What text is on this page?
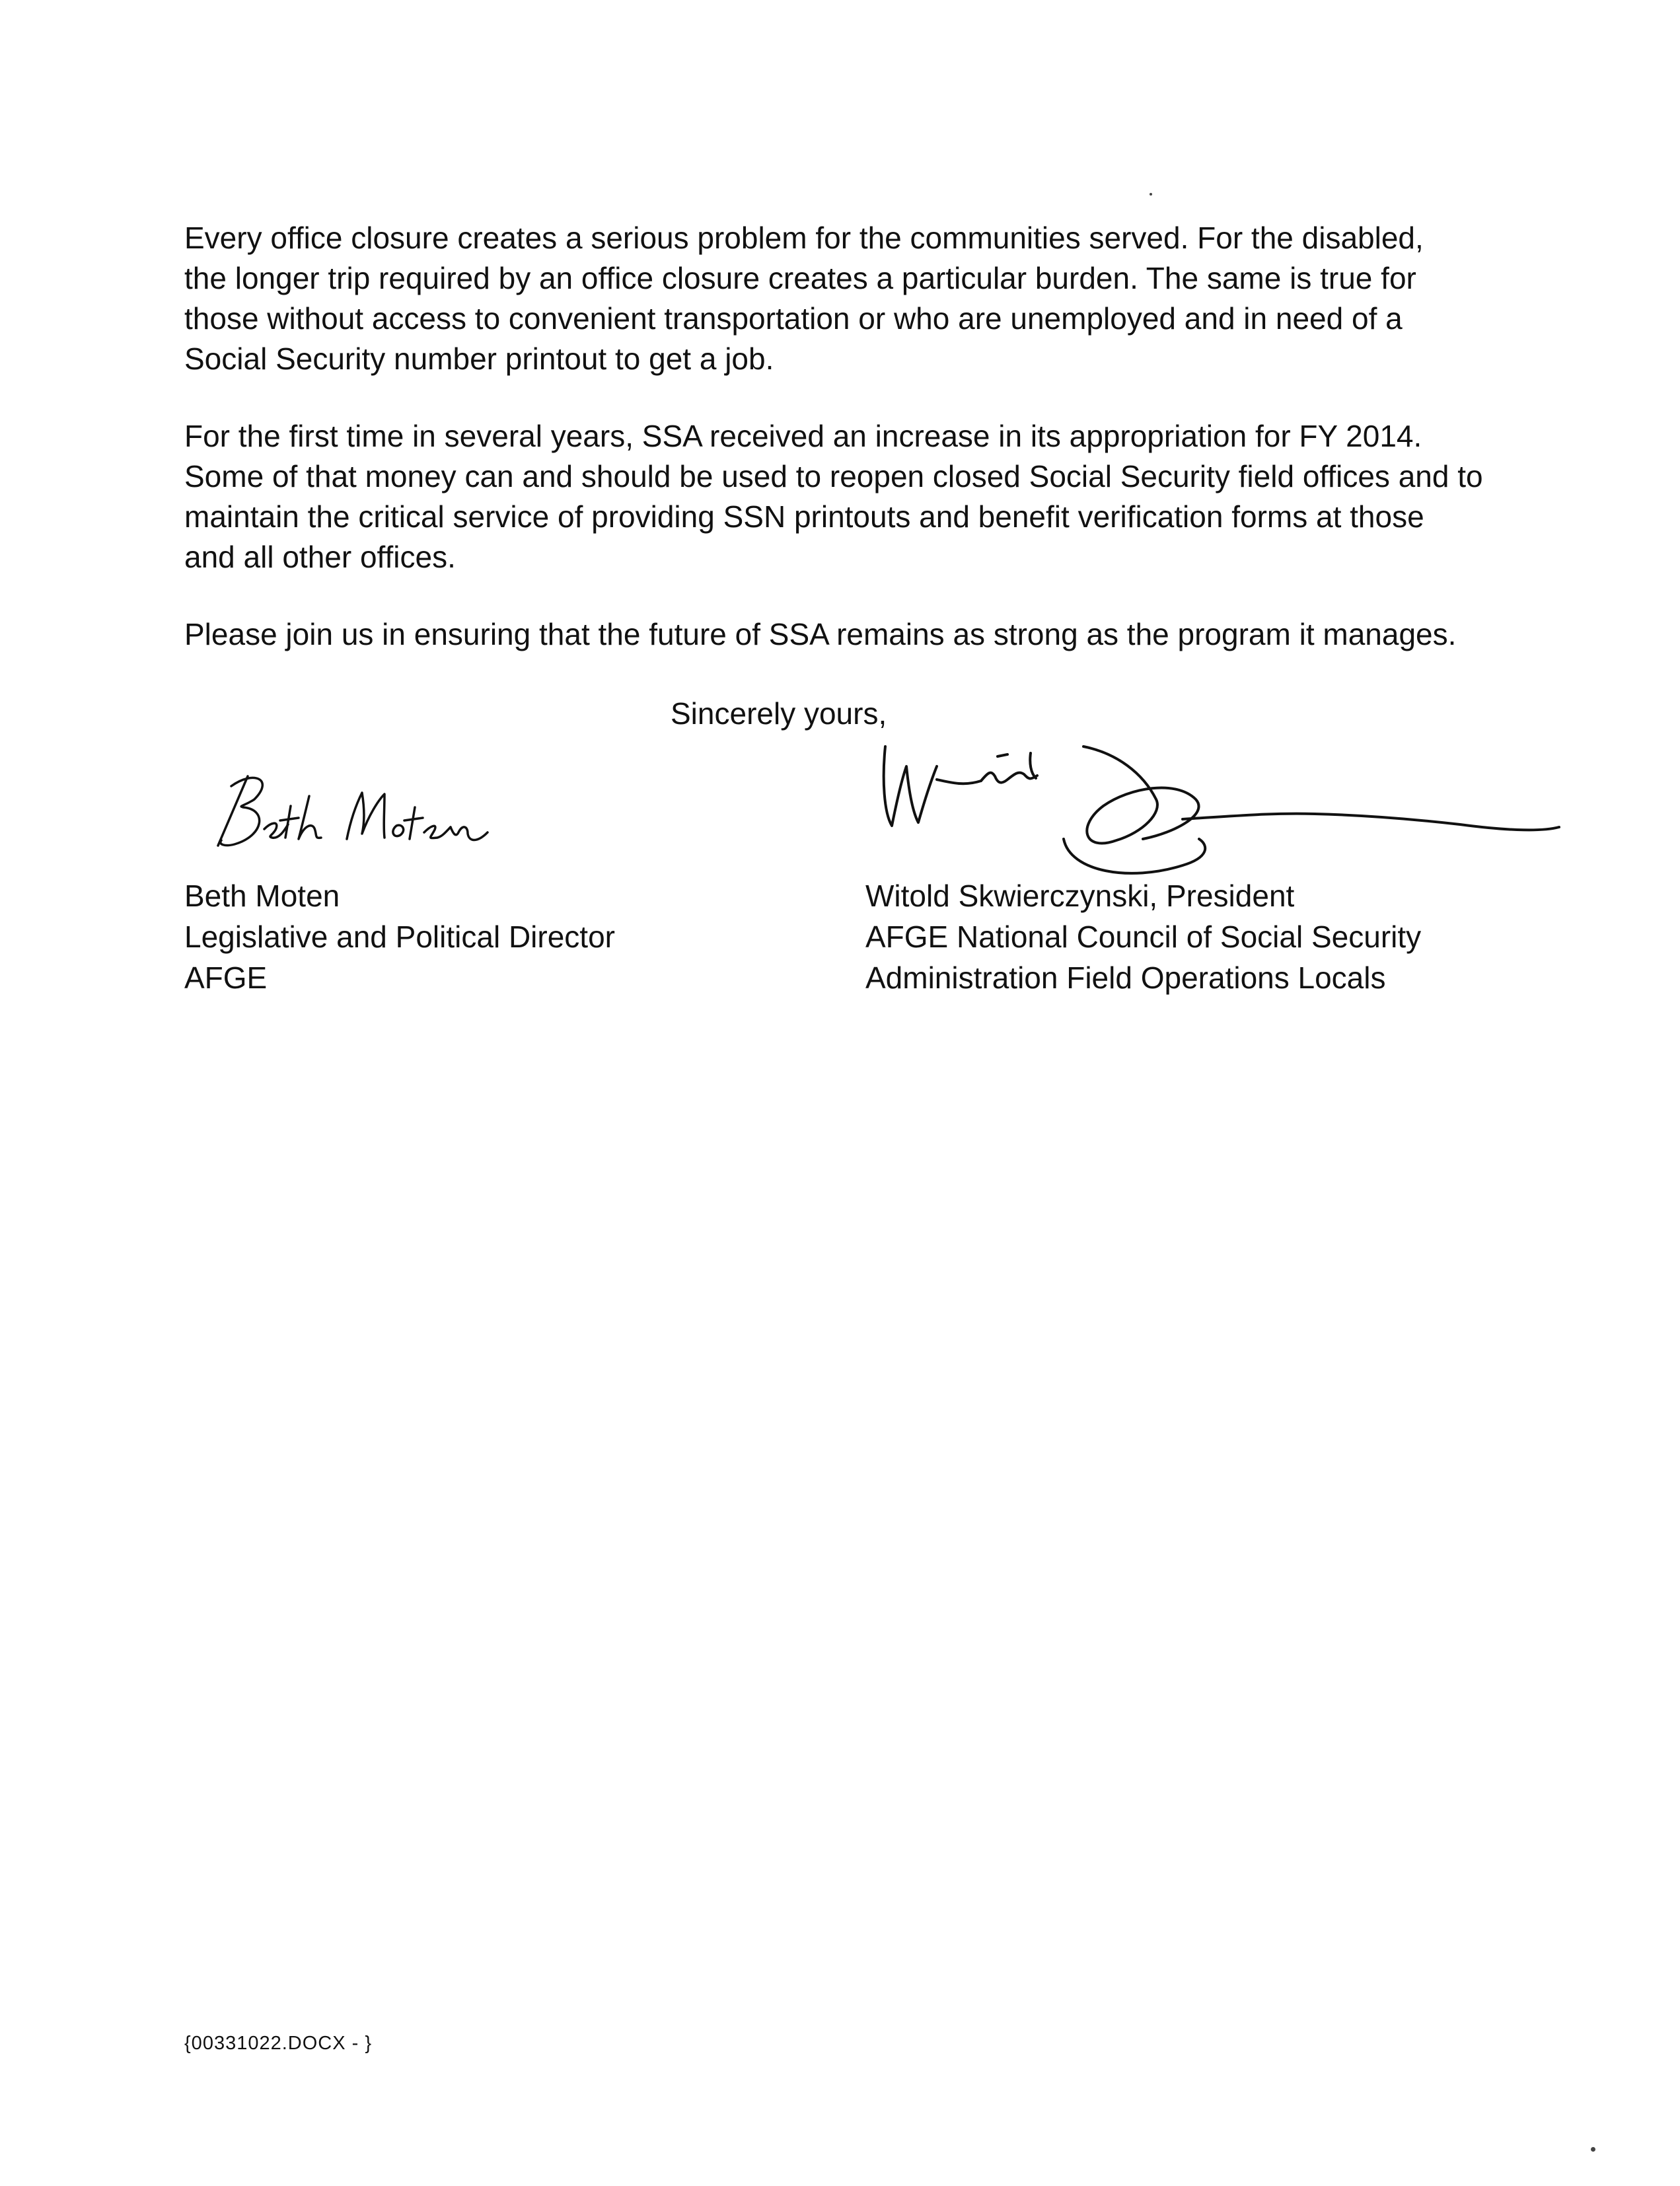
Every office closure creates a serious problem for the communities served. For the disabled,
the longer trip required by an office closure creates a particular burden. The same is true for
those without access to convenient transportation or who are unemployed and in need of a
Social Security number printout to get a job.

For the first time in several years, SSA received an increase in its appropriation for FY 2014.
Some of that money can and should be used to reopen closed Social Security field offices and to
maintain the critical service of providing SSN printouts and benefit verification forms at those
and all other offices.

Please join us in ensuring that the future of SSA remains as strong as the program it manages.

Sincerely yours,
Beth Moten
Legislative and Political Director
AFGE
Witold Skwierczynski, President
AFGE National Council of Social Security
Administration Field Operations Locals
{00331022.DOCX - }
